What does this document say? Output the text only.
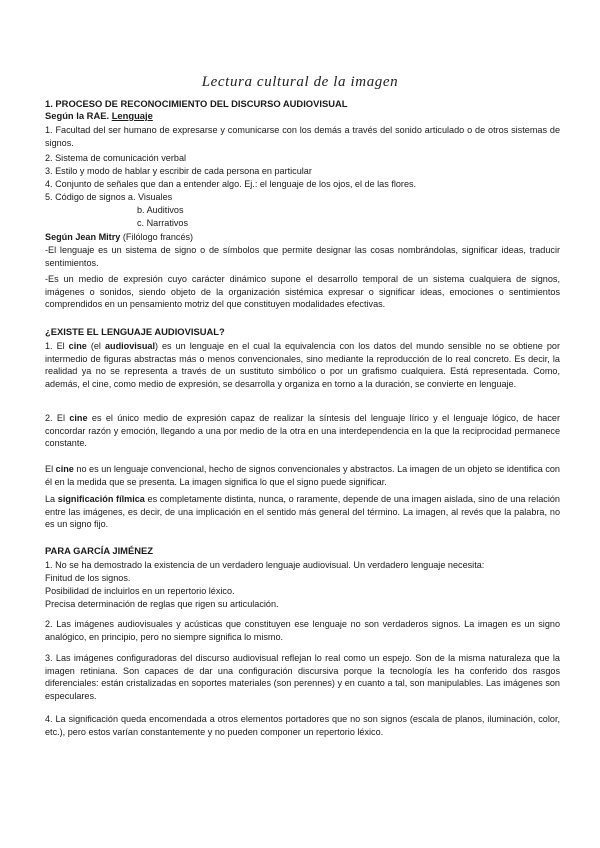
Lectura cultural de la imagen
1. PROCESO DE RECONOCIMIENTO DEL DISCURSO AUDIOVISUAL
Según la RAE. Lenguaje
1. Facultad del ser humano de expresarse y comunicarse con los demás a través del sonido articulado o de otros sistemas de signos.
2. Sistema de comunicación verbal
3. Estilo y modo de hablar y escribir de cada persona en particular
4. Conjunto de señales que dan a entender algo. Ej.: el lenguaje de los ojos, el de las flores.
5. Código de signos a. Visuales
b. Auditivos
c. Narrativos
Según Jean Mitry (Filólogo francés)
-El lenguaje es un sistema de signo o de símbolos que permite designar las cosas nombrándolas, significar ideas, traducir sentimientos.
-Es un medio de expresión cuyo carácter dinámico supone el desarrollo temporal de un sistema cualquiera de signos, imágenes o sonidos, siendo objeto de la organización sistémica expresar o significar ideas, emociones o sentimientos comprendidos en un pensamiento motriz del que constituyen modalidades efectivas.
¿EXISTE EL LENGUAJE AUDIOVISUAL?
1. El cine (el audiovisual) es un lenguaje en el cual la equivalencia con los datos del mundo sensible no se obtiene por intermedio de figuras abstractas más o menos convencionales, sino mediante la reproducción de lo real concreto. Es decir, la realidad ya no se representa a través de un sustituto simbólico o por un grafismo cualquiera. Está representada. Como, además, el cine, como medio de expresión, se desarrolla y organiza en torno a la duración, se convierte en lenguaje.
2. El cine es el único medio de expresión capaz de realizar la síntesis del lenguaje lírico y el lenguaje lógico, de hacer concordar razón y emoción, llegando a una por medio de la otra en una interdependencia en la que la reciprocidad permanece constante.
El cine no es un lenguaje convencional, hecho de signos convencionales y abstractos. La imagen de un objeto se identifica con él en la medida que se presenta. La imagen significa lo que el signo puede significar.
La significación fílmica es completamente distinta, nunca, o raramente, depende de una imagen aislada, sino de una relación entre las imágenes, es decir, de una implicación en el sentido más general del término. La imagen, al revés que la palabra, no es un signo fijo.
PARA GARCÍA JIMÉNEZ
1. No se ha demostrado la existencia de un verdadero lenguaje audiovisual. Un verdadero lenguaje necesita:
Finitud de los signos.
Posibilidad de incluirlos en un repertorio léxico.
Precisa determinación de reglas que rigen su articulación.
2. Las imágenes audiovisuales y acústicas que constituyen ese lenguaje no son verdaderos signos. La imagen es un signo analógico, en principio, pero no siempre significa lo mismo.
3. Las imágenes configuradoras del discurso audiovisual reflejan lo real como un espejo. Son de la misma naturaleza que la imagen retiniana. Son capaces de dar una configuración discursiva porque la tecnología les ha conferido dos rasgos diferenciales: están cristalizadas en soportes materiales (son perennes) y en cuanto a tal, son manipulables. Las imágenes son especulares.
4. La significación queda encomendada a otros elementos portadores que no son signos (escala de planos, iluminación, color, etc.), pero estos varían constantemente y no pueden componer un repertorio léxico.
